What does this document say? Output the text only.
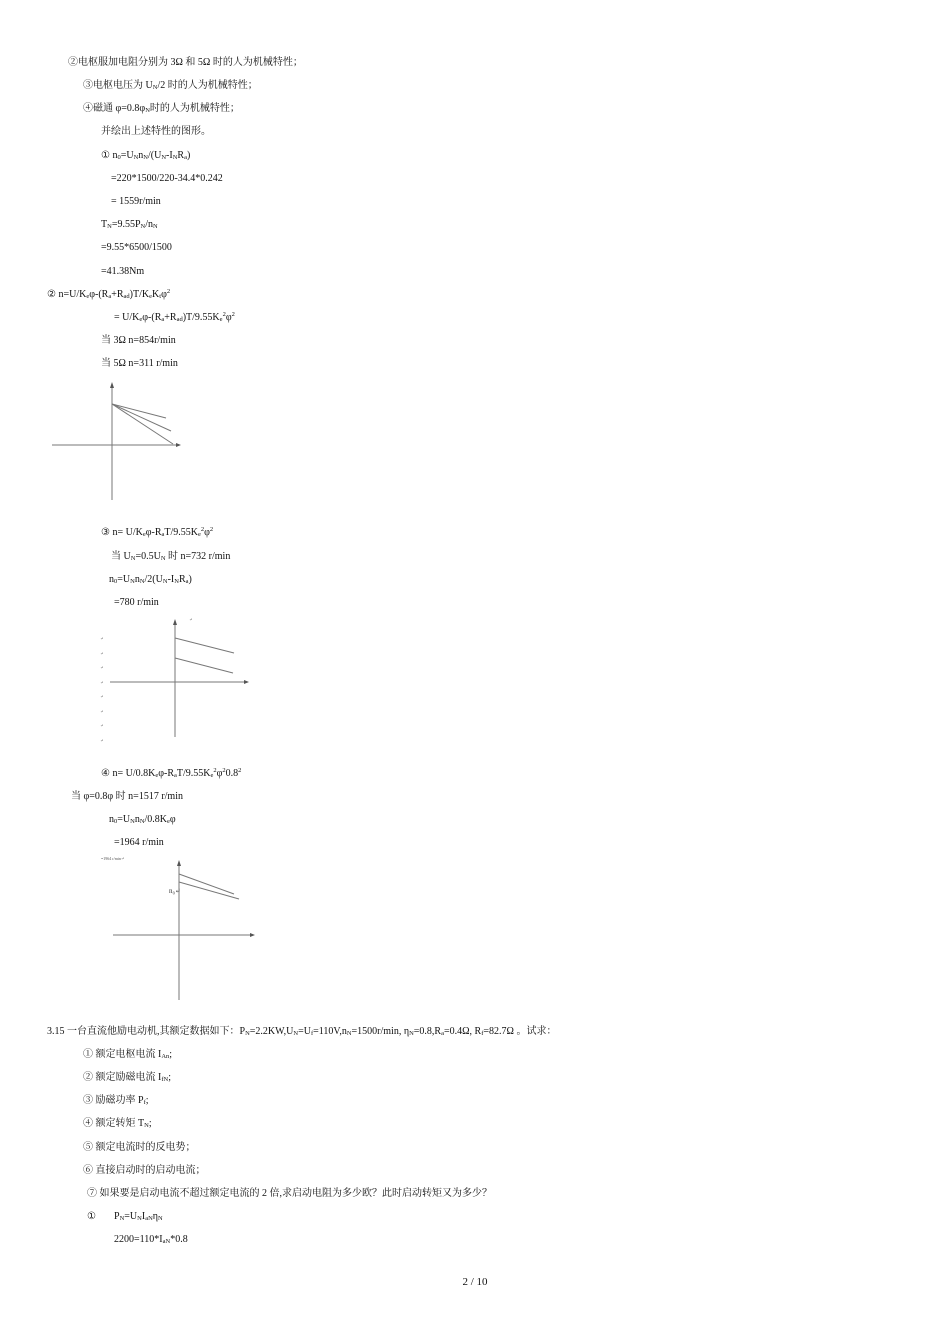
②电枢服加电阻分别为 3Ω 和 5Ω 时的人为机械特性；
③电枢电压为 $U_N/2$ 时的人为机械特性；
④磁通 $\varphi=0.8\varphi_N$时的人为机械特性；
并绘出上述特性的图形。
① $n_0=U_Nn_N/(U_N-I_NR_a)$
=220*1500/220-34.4*0.242
= 1559r/min
$T_N=9.55P_N/n_N$
=9.55*6500/1500
=41.38Nm
② $n=U/K_e\varphi-(R_a+R_{ad})T/K_eK_t\varphi^2$
= $U/K_e\varphi-(R_a+R_{ad})T/9.55K_e^2\varphi^2$
当 3Ω n=854r/min
当 5Ω n=311 r/min
③ $n= U/K_e\varphi-R_aT/9.55K_e^2\varphi^2$
当 $U_N=0.5U_N$ 时 n=732 r/min
$n_0=U_Nn_N/2(U_N-I_NR_a)$
=780 r/min
↵
↵
↵
↵
↵
↵
↵
↵
↵
④ $n= U/0.8K_e\varphi-R_aT/9.55K_e^2\varphi^20.8^2$
当 φ=0.8φ 时 n=1517 r/min
$n_0=U_Nn_N/0.8K_e\varphi$
=1964 r/min
=1964 r/min↵
n₀↵
3.15 一台直流他励电动机,其额定数据如下：$P_N=2.2KW,U_N=U_f=110V,n_N=1500r/\min$, $\eta_N=0.8,R_a=0.4\Omega$, $R_f=82.7\Omega$ 。试求：
① 额定电枢电流 $I_{An}$;
② 额定励磁电流 $I_{fN}$;
③ 励磁功率 $P_f$;
④ 额定转矩 $T_N$;
⑤ 额定电流时的反电势；
⑥ 直接启动时的启动电流；
⑦ 如果要是启动电流不超过额定电流的 2 倍,求启动电阻为多少欧？此时启动转矩又为多少？
① $P_N=U_NI_{aN}\eta_N$
$2200=110*I_{aN}*0.8$
2 / 10
